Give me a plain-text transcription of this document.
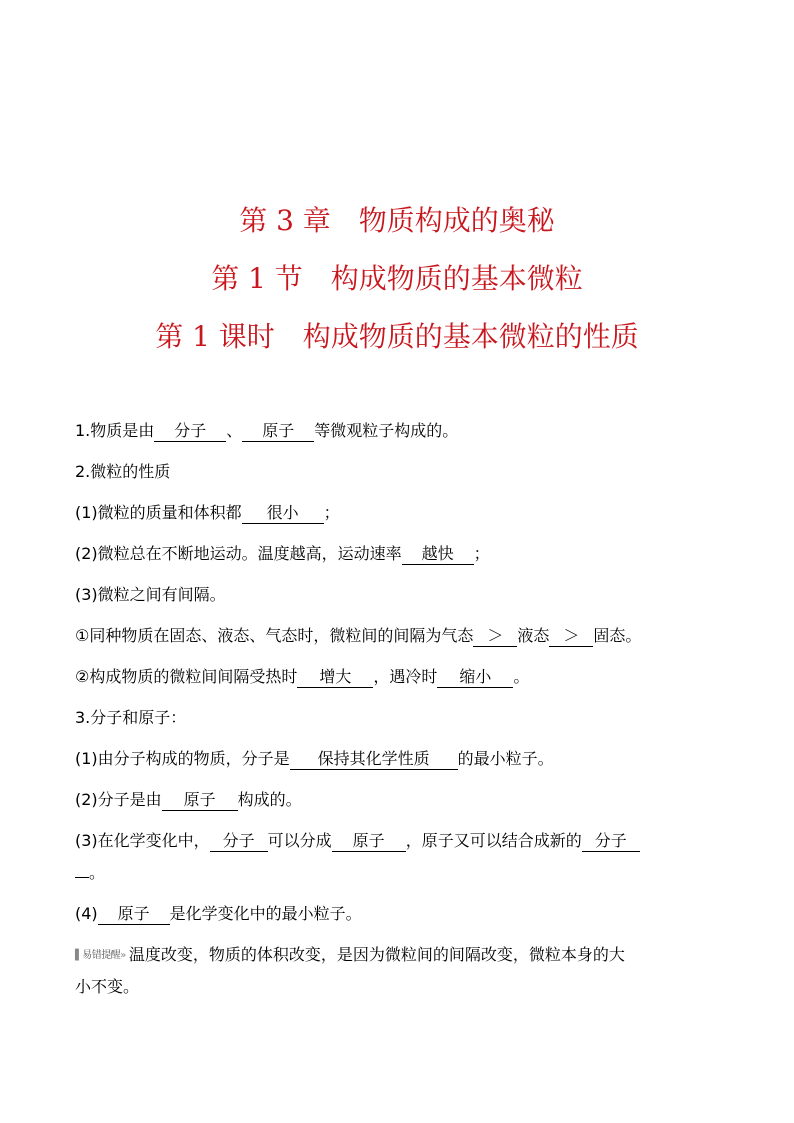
第 3 章　物质构成的奥秘
第 1 节　构成物质的基本微粒
第 1 课时　构成物质的基本微粒的性质
1.物质是由 分子 、 原子 等微观粒子构成的。
2.微粒的性质
(1)微粒的质量和体积都 很小 ；
(2)微粒总在不断地运动。温度越高，运动速率 越快 ；
(3)微粒之间有间隔。
①同种物质在固态、液态、气态时，微粒间的间隔为气态 ＞ 液态 ＞ 固态。
②构成物质的微粒间间隔受热时 增大 ，遇冷时 缩小 。
3.分子和原子：
(1)由分子构成的物质，分子是 保持其化学性质 的最小粒子。
(2)分子是由 原子 构成的。
(3)在化学变化中， 分子 可以分成 原子 ，原子又可以结合成新的 分子
。
(4) 原子 是化学变化中的最小粒子。
▌易错提醒» 温度改变，物质的体积改变，是因为微粒间的间隔改变，微粒本身的大
小不变。
